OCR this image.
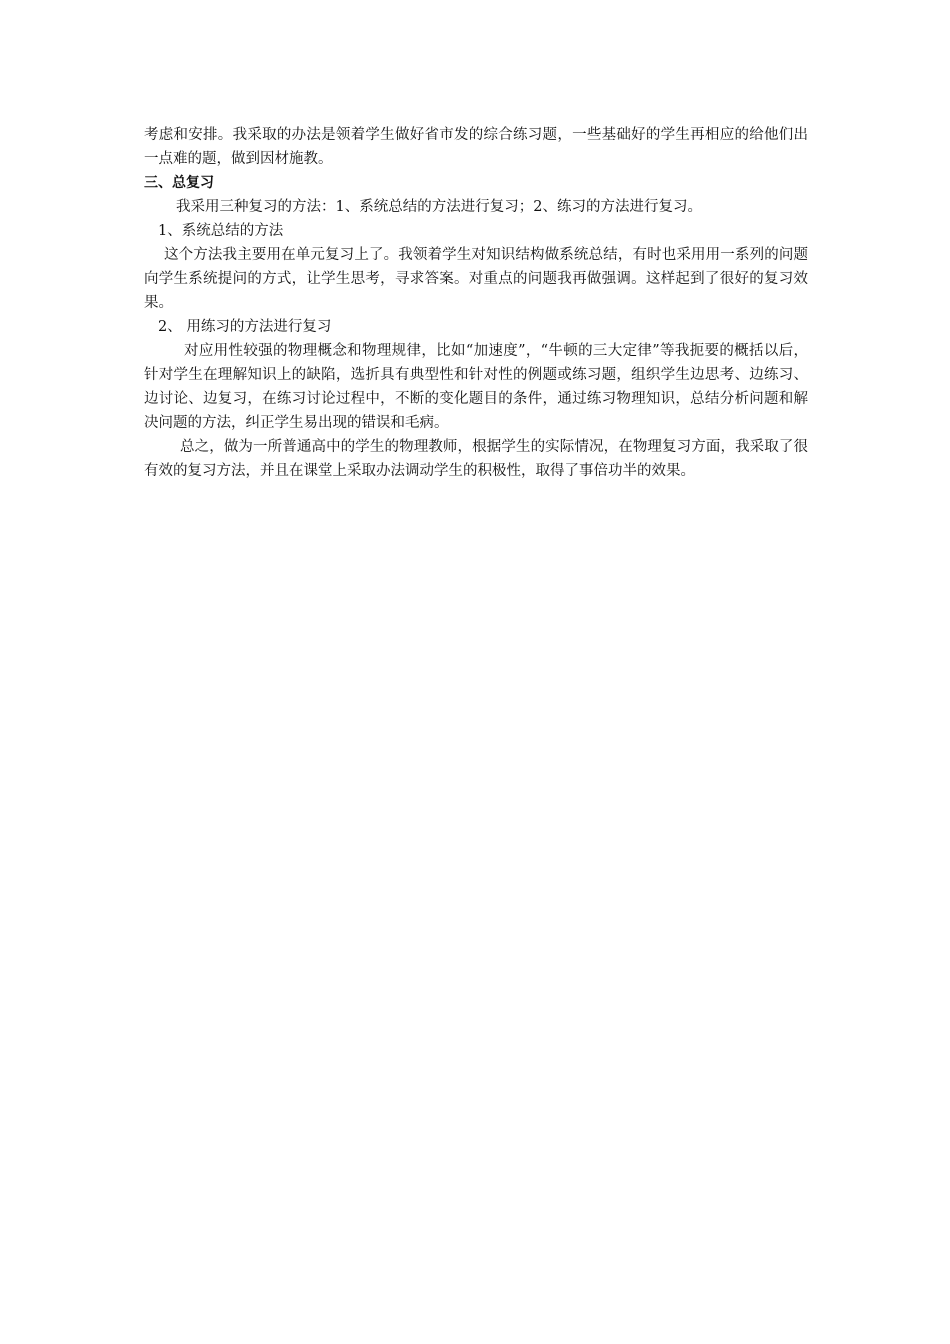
考虑和安排。我采取的办法是领着学生做好省市发的综合练习题，一些基础好的学生再相应的给他们出一点难的题，做到因材施教。

三、总复习

我采用三种复习的方法：1、系统总结的方法进行复习；2、练习的方法进行复习。

1、系统总结的方法

这个方法我主要用在单元复习上了。我领着学生对知识结构做系统总结，有时也采用用一系列的问题向学生系统提问的方式，让学生思考，寻求答案。对重点的问题我再做强调。这样起到了很好的复习效果。

2、 用练习的方法进行复习

对应用性较强的物理概念和物理规律，比如“加速度”，“牛顿的三大定律”等我扼要的概括以后，针对学生在理解知识上的缺陷，选折具有典型性和针对性的例题或练习题，组织学生边思考、边练习、边讨论、边复习，在练习讨论过程中，不断的变化题目的条件，通过练习物理知识，总结分析问题和解决问题的方法，纠正学生易出现的错误和毛病。

总之，做为一所普通高中的学生的物理教师，根据学生的实际情况，在物理复习方面，我采取了很有效的复习方法，并且在课堂上采取办法调动学生的积极性，取得了事倍功半的效果。
